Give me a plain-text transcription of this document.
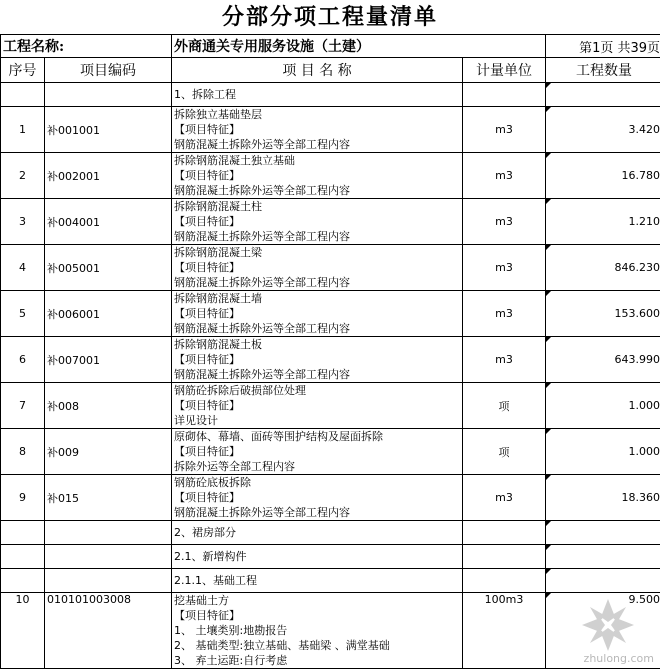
分部分项工程量清单
工程名称:		外商通关专用服务设施（土建）		第1页 共39页
序号	项目编码	项 目 名 称	计量单位	工程数量

		1、拆除工程		

1	补001001	拆除独立基础垫层
【项目特征】
钢筋混凝土拆除外运等全部工程内容	m3	3.420
2	补002001	拆除钢筋混凝土独立基础
【项目特征】
钢筋混凝土拆除外运等全部工程内容	m3	16.780
3	补004001	拆除钢筋混凝土柱
【项目特征】
钢筋混凝土拆除外运等全部工程内容	m3	1.210
4	补005001	拆除钢筋混凝土梁
【项目特征】
钢筋混凝土拆除外运等全部工程内容	m3	846.230
5	补006001	拆除钢筋混凝土墙
【项目特征】
钢筋混凝土拆除外运等全部工程内容	m3	153.600
6	补007001	拆除钢筋混凝土板
【项目特征】
钢筋混凝土拆除外运等全部工程内容	m3	643.990
7	补008	钢筋砼拆除后破损部位处理
【项目特征】
详见设计	项	1.000
8	补009	原砌体、幕墙、面砖等围护结构及屋面拆除
【项目特征】
拆除外运等全部工程内容	项	1.000
9	补015	钢筋砼底板拆除
【项目特征】
钢筋混凝土拆除外运等全部工程内容	m3	18.360

		2、裙房部分		

		2.1、新增构件		

		2.1.1、基础工程		

10	010101003008	挖基础土方
【项目特征】
1、 土壤类别:地勘报告
2、 基础类型:独立基础、基础梁 、满堂基础
3、 弃土运距:自行考虑	100m3	9.500
zhulong.com
